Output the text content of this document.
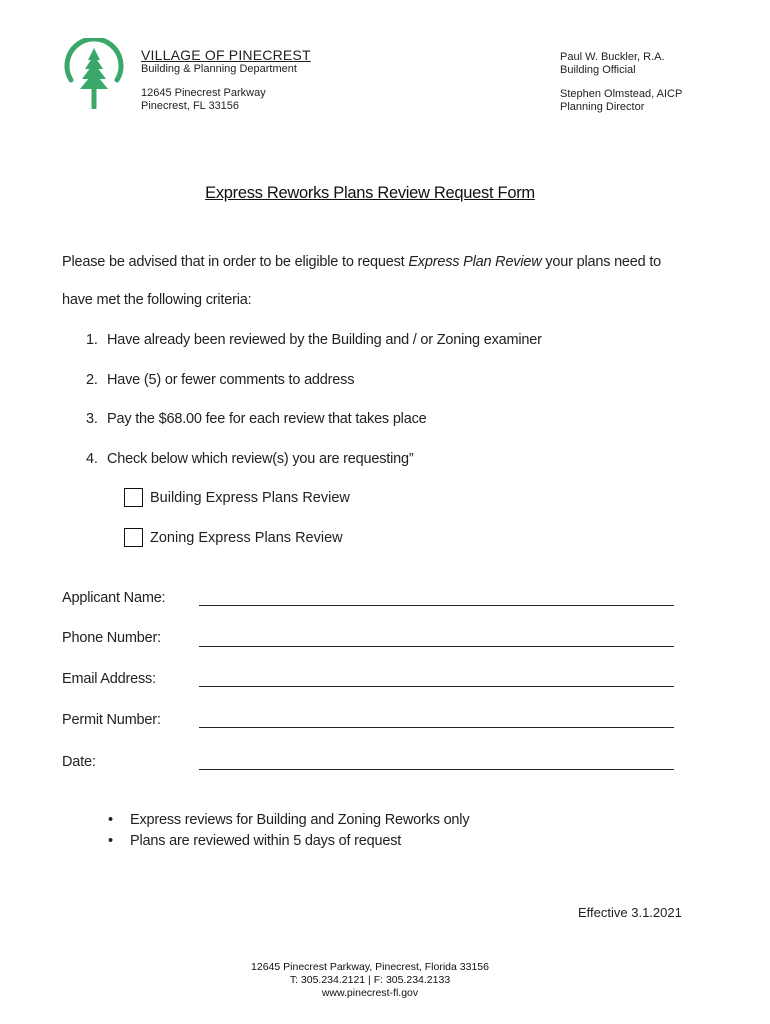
VILLAGE OF PINECREST
Building & Planning Department
12645 Pinecrest Parkway
Pinecrest, FL 33156
Paul W. Buckler, R.A.
Building Official
Stephen Olmstead, AICP
Planning Director
Express Reworks Plans Review Request Form
Please be advised that in order to be eligible to request Express Plan Review your plans need to
have met the following criteria:
1. Have already been reviewed by the Building and / or Zoning examiner
2. Have (5) or fewer comments to address
3. Pay the $68.00 fee for each review that takes place
4. Check below which review(s) you are requesting”
Building Express Plans Review
Zoning Express Plans Review
Applicant Name:
Phone Number:
Email Address:
Permit Number:
Date:
• Express reviews for Building and Zoning Reworks only
• Plans are reviewed within 5 days of request
Effective 3.1.2021
12645 Pinecrest Parkway, Pinecrest, Florida 33156
T: 305.234.2121 | F: 305.234.2133
www.pinecrest-fl.gov
